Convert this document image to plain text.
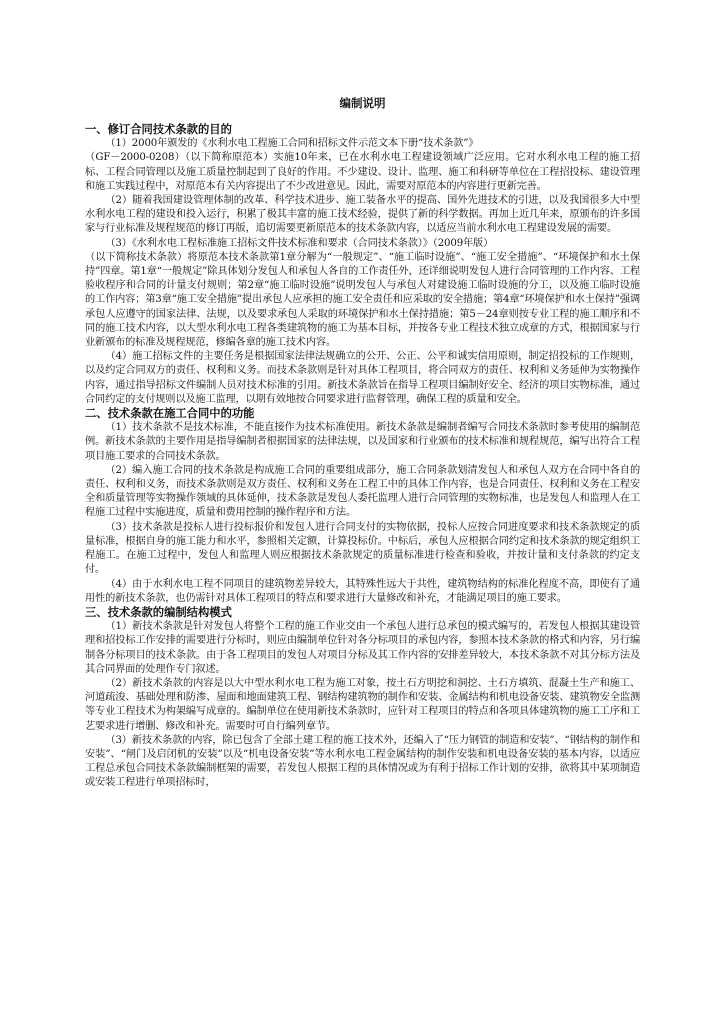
编制说明
一、修订合同技术条款的目的

（1）2000年颁发的《水利水电工程施工合同和招标文件示范文本下册“技术条款”》

（GF－2000-0208）（以下简称原范本）实施10年来，已在水利水电工程建设领域广泛应用。它对水利水电工程的施工招标、工程合同管理以及施工质量控制起到了良好的作用。不少建设、设计、监理、施工和科研等单位在工程招投标、建设管理和施工实践过程中，对原范本有关内容提出了不少改进意见。因此，需要对原范本的内容进行更新完善。

（2）随着我国建设管理体制的改革、科学技术进步、施工装备水平的提高、国外先进技术的引进，以及我国很多大中型水利水电工程的建设和投入运行，积累了极其丰富的施工技术经验，提供了新的科学数据。再加上近几年来，原颁布的许多国家与行业标准及规程规范的修订再版，追切需要更新原范本的技术条款内容，以适应当前水利水电工程建设发展的需要。

（3）《水利水电工程标准施工招标文件技术标准和要求（合同技术条款）》（2009年版）

（以下简称技术条款）将原范本技术条款第1章分解为“一般规定”、“施工临时设施”、“施工安全措施”、“环境保护和水土保持”四章。第1章“一般规定”除具体划分发包人和承包人各自的工作责任外，还详细说明发包人进行合同管理的工作内容、工程验收程序和合同的计量支付规则；第2章“施工临时设施”说明发包人与承包人对建设施工临时设施的分工，以及施工临时设施的工作内容；第3章“施工安全措施”提出承包人应承担的施工安全责任和应采取的安全措施；第4章“环境保护和水土保持”强调承包人应遵守的国家法律、法规，以及要求承包人采取的环境保护和水土保持措施；第5－24章则按专业工程的施工顺序和不同的施工技术内容，以大型水利水电工程各类建筑物的施工为基本目标，并按各专业工程技术独立成章的方式，根据国家与行业新颁布的标准及规程规范，修编各章的施工技术内容。

（4）施工招标文件的主要任务是根据国家法律法规确立的公开、公正、公平和诚实信用原则，制定招投标的工作规则，以及约定合同双方的责任、权利和义务。而技术条款则是针对具体工程项目，将合同双方的责任、权利和义务延伸为实物操作内容，通过指导招标文件编制人员对技术标准的引用。新技术条款旨在指导工程项目编制好安全、经济的项目实物标准，通过合同约定的支付规则以及施工监理，以期有效地按合同要求进行监督管理，确保工程的质量和安全。

二、技术条款在施工合同中的功能

（1）技术条款不是技术标准，不能直接作为技术标准使用。新技术条款是编制者编写合同技术条款时参考使用的编制范例。新技术条款的主要作用是指导编制者根据国家的法律法规，以及国家和行业颁布的技术标准和规程规范，编写出符合工程项目施工要求的合同技术条款。

（2）编入施工合同的技术条款是构成施工合同的重要组成部分，施工合同条款划清发包人和承包人双方在合同中各自的责任、权利和义务，而技术条款则是双方责任、权利和义务在工程工中的具体工作内容，也是合同责任、权利和义务在工程安全和质量管理等实物操作领域的具体延伸，技术条款是发包人委托监理人进行合同管理的实物标准，也是发包人和监理人在工程施工过程中实施进度，质量和费用控制的操作程序和方法。

（3）技术条款是投标人进行投标报价和发包人进行合同支付的实物依据，投标人应按合同进度要求和技术条款规定的质量标准，根据自身的施工能力和水平，参照相关定额，计算投标价。中标后，承包人应根据合同约定和技术条款的规定组织工程施工。在施工过程中，发包人和监理人则应根据技术条款规定的质量标准进行检查和验收，并按计量和支付条款的约定支付。

（4）由于水利水电工程不同项目的建筑物差异较大，其特殊性远大于共性，建筑物结构的标准化程度不高，即使有了通用性的新技术条款，也仍需针对具体工程项目的特点和要求进行大量修改和补充，才能满足项目的施工要求。

三、技术条款的编制结构模式

（1）新技术条款是针对发包人将整个工程的施工作业交由一个承包人进行总承包的模式编写的，若发包人根据其建设管理和招投标工作安排的需要进行分标时，则应由编制单位针对各分标项目的承包内容，参照本技术条款的格式和内容，另行编制各分标项目的技术条款。由于各工程项目的发包人对项目分标及其工作内容的安排差异较大，本技术条款不对其分标方法及其合同界面的处理作专门叙述。

（2）新技术条款的内容是以大中型水利水电工程为施工对象，按土石方明挖和洞挖、土石方填筑、混凝土生产和施工、河道疏浚、基础处理和防渗、屋面和地面建筑工程、钢结构建筑物的制作和安装、金属结构和机电设备安装、建筑物安全监测等专业工程技术为构架编写成章的。编制单位在使用新技术条款时，应针对工程项目的特点和各项具体建筑物的施工工序和工艺要求进行增删、修改和补充。需要时可自行编列章节。

（3）新技术条款的内容，除已包含了全部土建工程的施工技术外，还编入了“压力钢管的制造和安装”、“钢结构的制作和安装”、“闸门及启闭机的安装”以及“机电设备安装”等水利水电工程金属结构的制作安装和机电设备安装的基本内容，以适应工程总承包合同技术条款编制框架的需要，若发包人根据工程的具体情况或为有利于招标工作计划的安排，欲将其中某项制造或安装工程进行单项招标时，
